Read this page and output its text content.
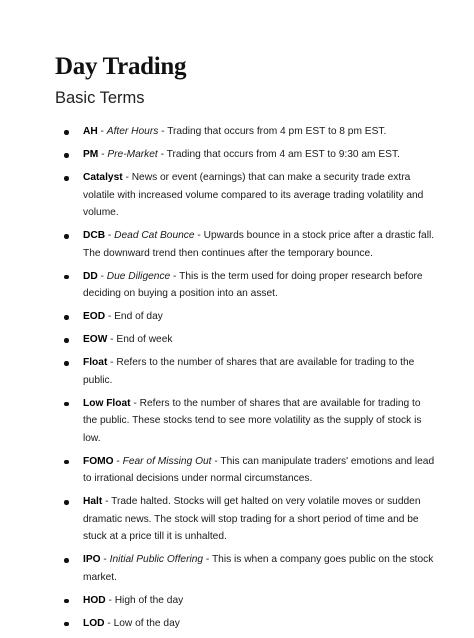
Day Trading
Basic Terms
AH - After Hours - Trading that occurs from 4 pm EST to 8 pm EST.
PM - Pre-Market - Trading that occurs from 4 am EST to 9:30 am EST.
Catalyst - News or event (earnings) that can make a security trade extra volatile with increased volume compared to its average trading volatility and volume.
DCB - Dead Cat Bounce - Upwards bounce in a stock price after a drastic fall. The downward trend then continues after the temporary bounce.
DD - Due Diligence - This is the term used for doing proper research before deciding on buying a position into an asset.
EOD - End of day
EOW - End of week
Float - Refers to the number of shares that are available for trading to the public.
Low Float - Refers to the number of shares that are available for trading to the public. These stocks tend to see more volatility as the supply of stock is low.
FOMO - Fear of Missing Out - This can manipulate traders' emotions and lead to irrational decisions under normal circumstances.
Halt - Trade halted. Stocks will get halted on very volatile moves or sudden dramatic news. The stock will stop trading for a short period of time and be stuck at a price till it is unhalted.
IPO - Initial Public Offering - This is when a company goes public on the stock market.
HOD - High of the day
LOD - Low of the day
